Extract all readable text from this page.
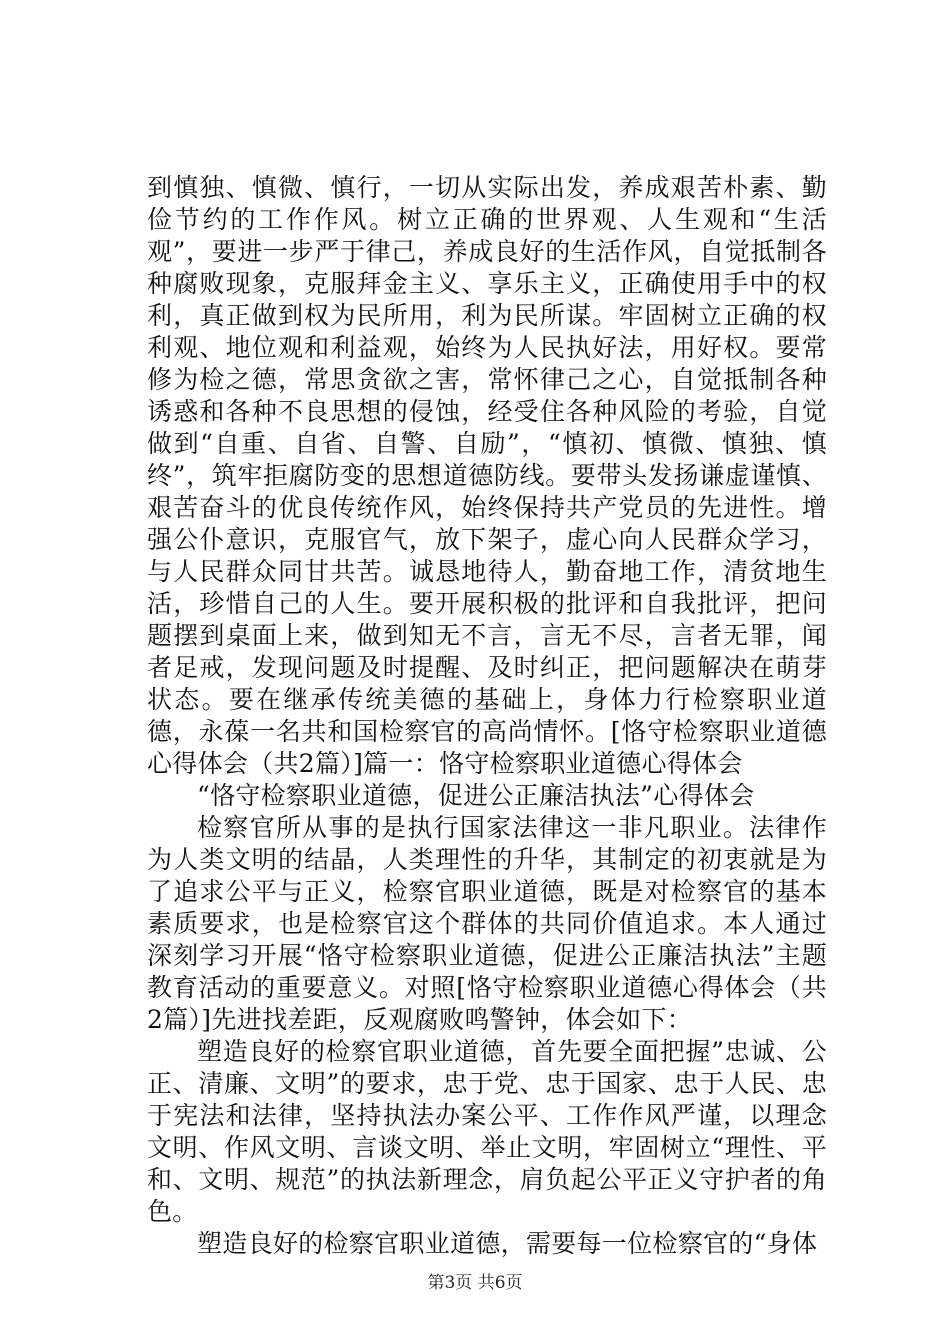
到慎独、慎微、慎行，一切从实际出发，养成艰苦朴素、勤俭节约的工作作风。树立正确的世界观、人生观和“生活观”，要进一步严于律己，养成良好的生活作风，自觉抵制各种腐败现象，克服拜金主义、享乐主义，正确使用手中的权利，真正做到权为民所用，利为民所谋。牢固树立正确的权利观、地位观和利益观，始终为人民执好法，用好权。要常修为检之德，常思贪欲之害，常怀律己之心，自觉抵制各种诱惑和各种不良思想的侵蚀，经受住各种风险的考验，自觉做到“自重、自省、自警、自励”，“慎初、慎微、慎独、慎终”，筑牢拒腐防变的思想道德防线。要带头发扬谦虚谨慎、艰苦奋斗的优良传统作风，始终保持共产党员的先进性。增强公仆意识，克服官气，放下架子，虚心向人民群众学习，与人民群众同甘共苦。诚恳地待人，勤奋地工作，清贫地生活，珍惜自己的人生。要开展积极的批评和自我批评，把问题摆到桌面上来，做到知无不言，言无不尽，言者无罪，闻者足戒，发现问题及时提醒、及时纠正，把问题解决在萌芽状态。要在继承传统美德的基础上，身体力行检察职业道德，永葆一名共和国检察官的高尚情怀。[恪守检察职业道德心得体会（共2篇）]篇一：恪守检察职业道德心得体会

“恪守检察职业道德，促进公正廉洁执法”心得体会

检察官所从事的是执行国家法律这一非凡职业。法律作为人类文明的结晶，人类理性的升华，其制定的初衷就是为了追求公平与正义，检察官职业道德，既是对检察官的基本素质要求，也是检察官这个群体的共同价值追求。本人通过深刻学习开展“恪守检察职业道德，促进公正廉洁执法”主题教育活动的重要意义。对照[恪守检察职业道德心得体会（共2篇）]先进找差距，反观腐败鸣警钟，体会如下：

塑造良好的检察官职业道德，首先要全面把握”忠诚、公正、清廉、文明”的要求，忠于党、忠于国家、忠于人民、忠于宪法和法律，坚持执法办案公平、工作作风严谨，以理念文明、作风文明、言谈文明、举止文明，牢固树立“理性、平和、文明、规范”的执法新理念，肩负起公平正义守护者的角色。

塑造良好的检察官职业道德，需要每一位检察官的“身体

第3页 共6页
